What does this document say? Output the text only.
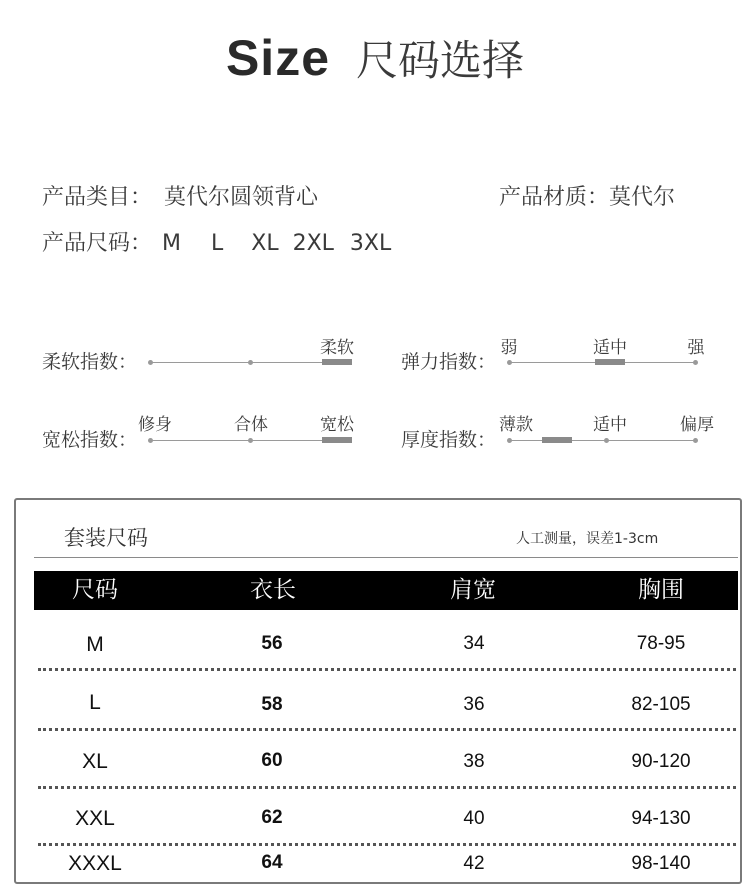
Size 尺码选择
产品类目： 莫代尔圆领背心	产品材质：莫代尔
产品尺码： M L XL 2XL 3XL
柔软指数：
柔软
弹力指数：
弱	适中	强
宽松指数：
修身	合体	宽松
厚度指数：
薄款	适中	偏厚
套装尺码	人工测量，误差1-3cm
尺码	衣长	肩宽	胸围
M	56	34	78-95
L	58	36	82-105
XL	60	38	90-120
XXL	62	40	94-130
XXXL	64	42	98-140
